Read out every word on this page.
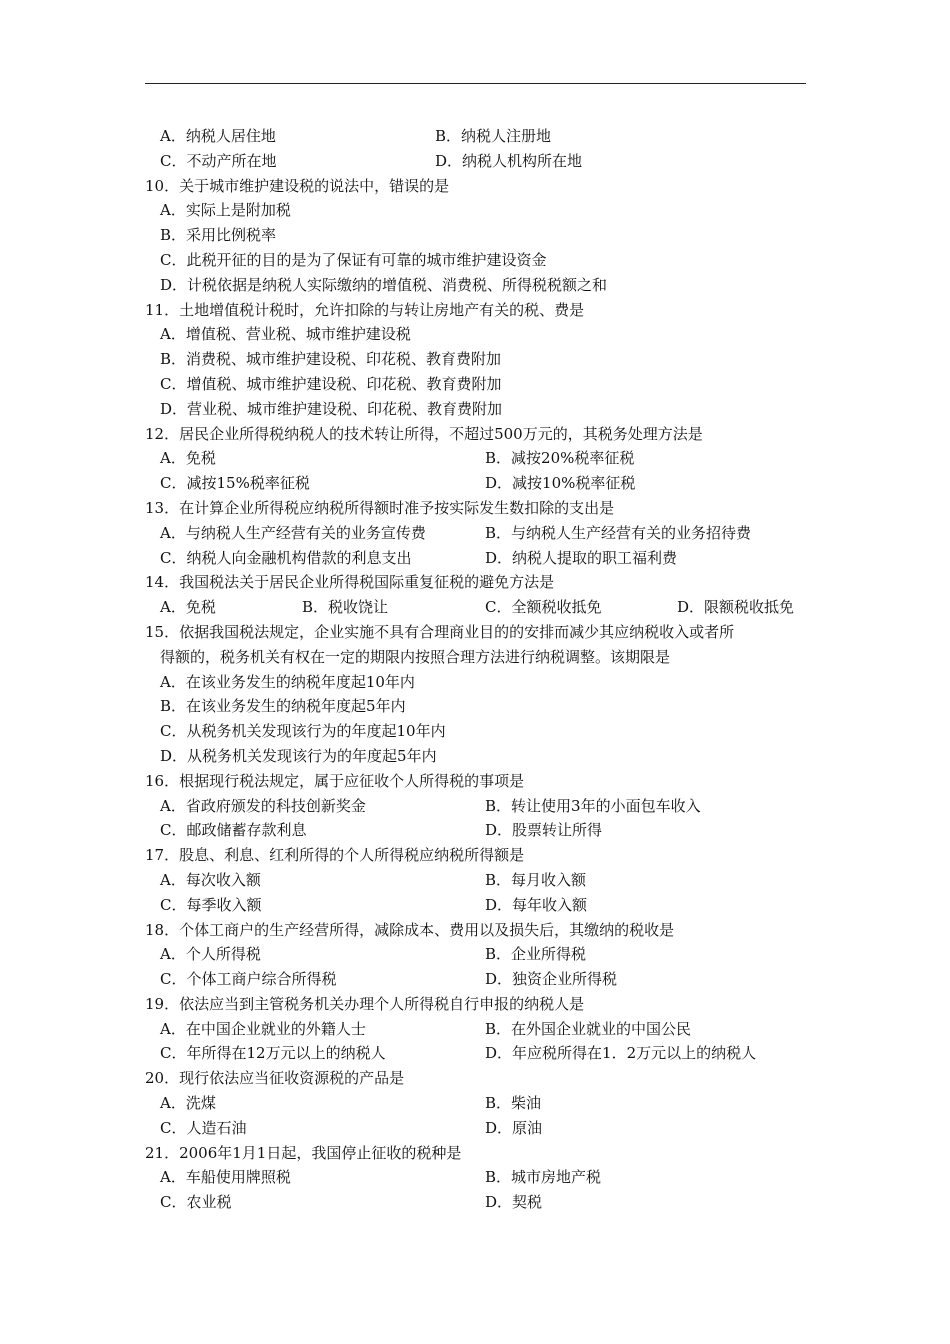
A．纳税人居住地	B．纳税人注册地
C．不动产所在地	D．纳税人机构所在地
10．关于城市维护建设税的说法中，错误的是
A．实际上是附加税
B．采用比例税率
C．此税开征的目的是为了保证有可靠的城市维护建设资金
D．计税依据是纳税人实际缴纳的增值税、消费税、所得税税额之和
11．土地增值税计税时，允许扣除的与转让房地产有关的税、费是
A．增值税、营业税、城市维护建设税
B．消费税、城市维护建设税、印花税、教育费附加
C．增值税、城市维护建设税、印花税、教育费附加
D．营业税、城市维护建设税、印花税、教育费附加
12．居民企业所得税纳税人的技术转让所得，不超过500万元的，其税务处理方法是
A．免税	B．减按20%税率征税
C．减按15%税率征税	D．减按10%税率征税
13．在计算企业所得税应纳税所得额时准予按实际发生数扣除的支出是
A．与纳税人生产经营有关的业务宣传费	B．与纳税人生产经营有关的业务招待费
C．纳税人向金融机构借款的利息支出	D．纳税人提取的职工福利费
14．我国税法关于居民企业所得税国际重复征税的避免方法是
A．免税	B．税收饶让	C．全额税收抵免	D．限额税收抵免
15．依据我国税法规定，企业实施不具有合理商业目的的安排而减少其应纳税收入或者所
得额的，税务机关有权在一定的期限内按照合理方法进行纳税调整。该期限是
A．在该业务发生的纳税年度起10年内
B．在该业务发生的纳税年度起5年内
C．从税务机关发现该行为的年度起10年内
D．从税务机关发现该行为的年度起5年内
16．根据现行税法规定，属于应征收个人所得税的事项是
A．省政府颁发的科技创新奖金	B．转让使用3年的小面包车收入
C．邮政储蓄存款利息	D．股票转让所得
17．股息、利息、红利所得的个人所得税应纳税所得额是
A．每次收入额	B．每月收入额
C．每季收入额	D．每年收入额
18．个体工商户的生产经营所得，减除成本、费用以及损失后，其缴纳的税收是
A．个人所得税	B．企业所得税
C．个体工商户综合所得税	D．独资企业所得税
19．依法应当到主管税务机关办理个人所得税自行申报的纳税人是
A．在中国企业就业的外籍人士	B．在外国企业就业的中国公民
C．年所得在12万元以上的纳税人	D．年应税所得在1．2万元以上的纳税人
20．现行依法应当征收资源税的产品是
A．洗煤	B．柴油
C．人造石油	D．原油
21．2006年1月1日起，我国停止征收的税种是
A．车船使用牌照税	B．城市房地产税
C．农业税	D．契税
